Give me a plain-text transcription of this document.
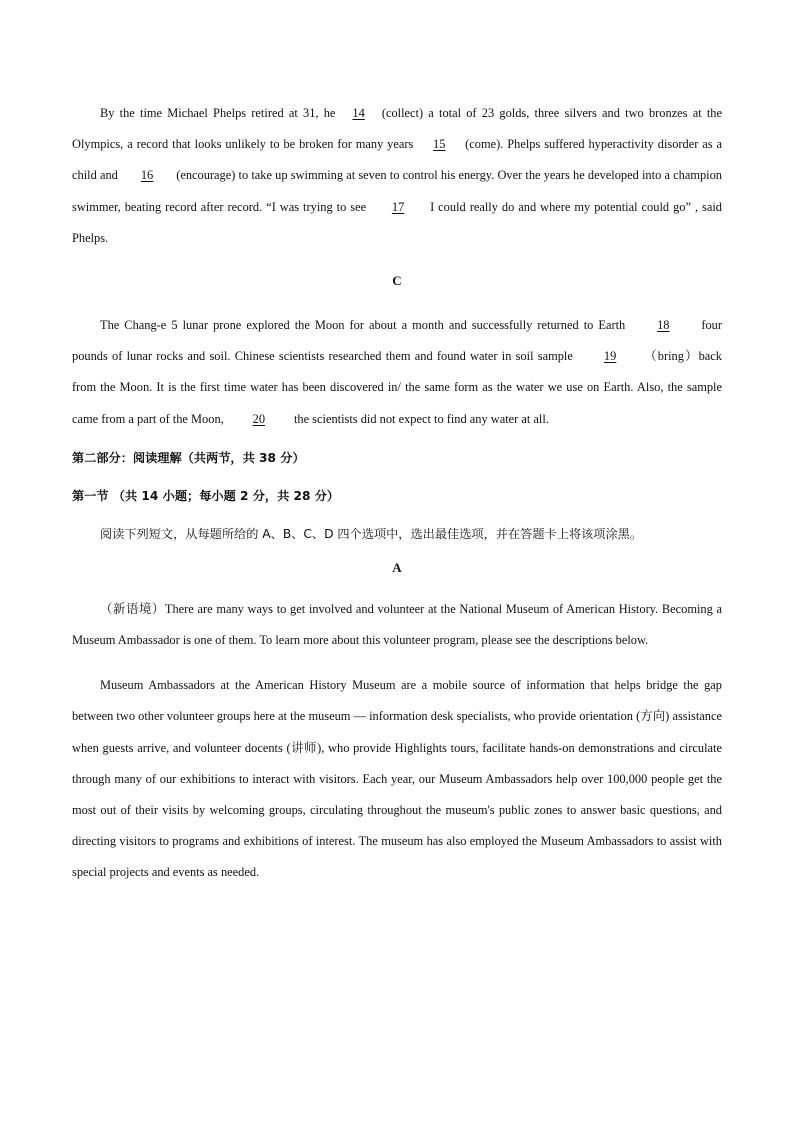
By the time Michael Phelps retired at 31, he 14 (collect) a total of 23 golds, three silvers and two bronzes at the Olympics, a record that looks unlikely to be broken for many years 15 (come). Phelps suffered hyperactivity disorder as a child and 16 (encourage) to take up swimming at seven to control his energy. Over the years he developed into a champion swimmer, beating record after record. “I was trying to see 17 I could really do and where my potential could go” , said Phelps.

C

The Chang-e 5 lunar prone explored the Moon for about a month and successfully returned to Earth 18 four pounds of lunar rocks and soil. Chinese scientists researched them and found water in soil sample 19 （bring）back from the Moon. It is the first time water has been discovered in/ the same form as the water we use on Earth. Also, the sample came from a part of the Moon, 20 the scientists did not expect to find any water at all.

第二部分：阅读理解（共两节，共 38 分）

第一节 （共 14 小题；每小题 2 分，共 28 分）

阅读下列短文，从每题所给的 A、B、C、D 四个选项中，选出最佳选项，并在答题卡上将该项涂黑。

A

（新语境）There are many ways to get involved and volunteer at the National Museum of American History. Becoming a Museum Ambassador is one of them. To learn more about this volunteer program, please see the descriptions below.

Museum Ambassadors at the American History Museum are a mobile source of information that helps bridge the gap between two other volunteer groups here at the museum — information desk specialists, who provide orientation (方向) assistance when guests arrive, and volunteer docents (讲师), who provide Highlights tours, facilitate hands-on demonstrations and circulate through many of our exhibitions to interact with visitors. Each year, our Museum Ambassadors help over 100,000 people get the most out of their visits by welcoming groups, circulating throughout the museum's public zones to answer basic questions, and directing visitors to programs and exhibitions of interest. The museum has also employed the Museum Ambassadors to assist with special projects and events as needed.
